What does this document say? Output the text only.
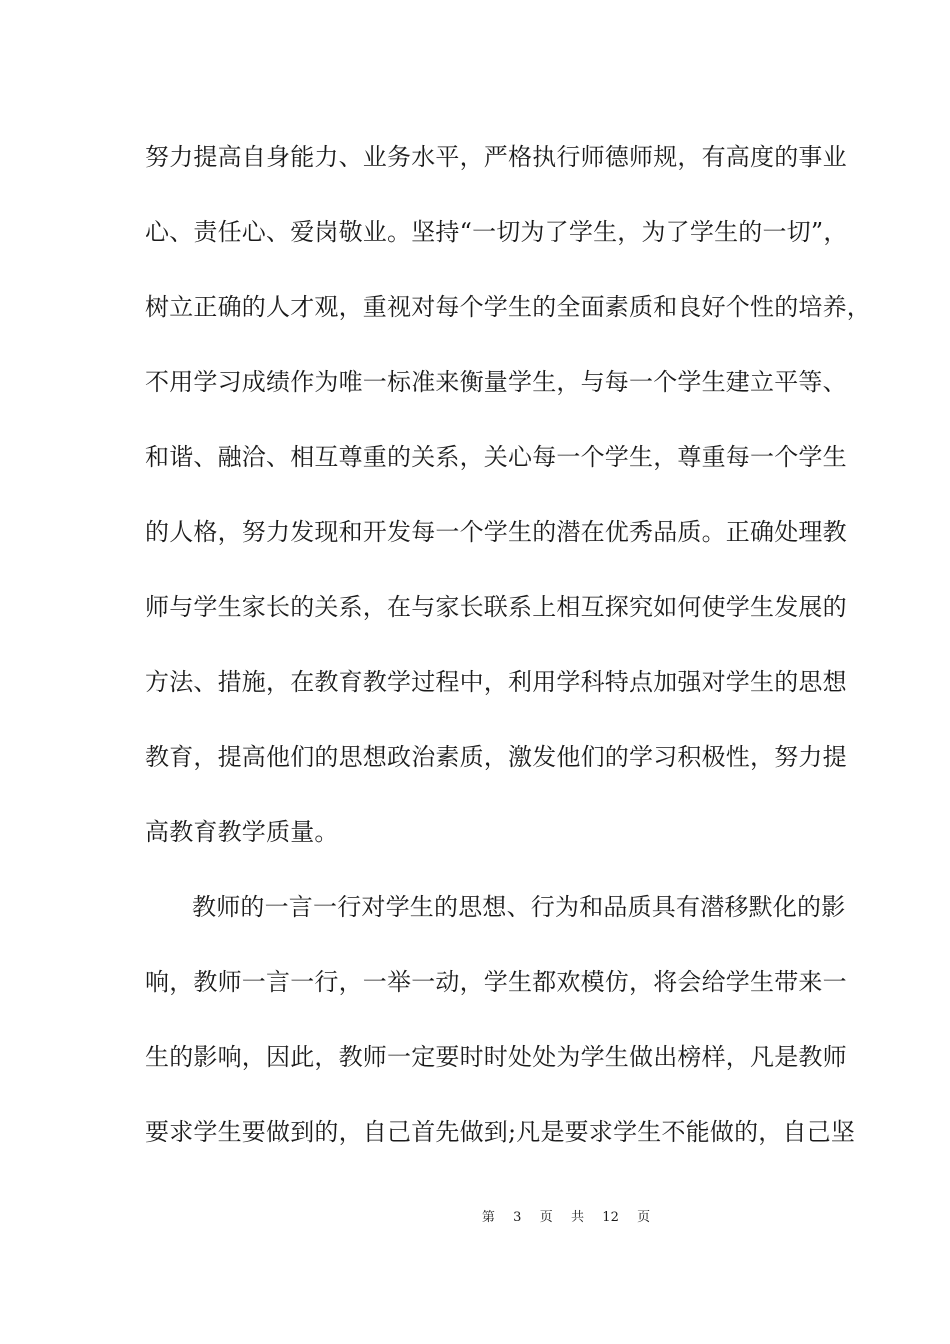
努力提高自身能力、业务水平，严格执行师德师规，有高度的事业
心、责任心、爱岗敬业。坚持“一切为了学生，为了学生的一切”，
树立正确的人才观，重视对每个学生的全面素质和良好个性的培养，
不用学习成绩作为唯一标准来衡量学生，与每一个学生建立平等、
和谐、融洽、相互尊重的关系，关心每一个学生，尊重每一个学生
的人格，努力发现和开发每一个学生的潜在优秀品质。正确处理教
师与学生家长的关系，在与家长联系上相互探究如何使学生发展的
方法、措施，在教育教学过程中，利用学科特点加强对学生的思想
教育，提高他们的思想政治素质，激发他们的学习积极性，努力提
高教育教学质量。
教师的一言一行对学生的思想、行为和品质具有潜移默化的影
响，教师一言一行，一举一动，学生都欢模仿，将会给学生带来一
生的影响，因此，教师一定要时时处处为学生做出榜样，凡是教师
要求学生要做到的，自己首先做到;凡是要求学生不能做的，自己坚
第 3 页 共 12 页
